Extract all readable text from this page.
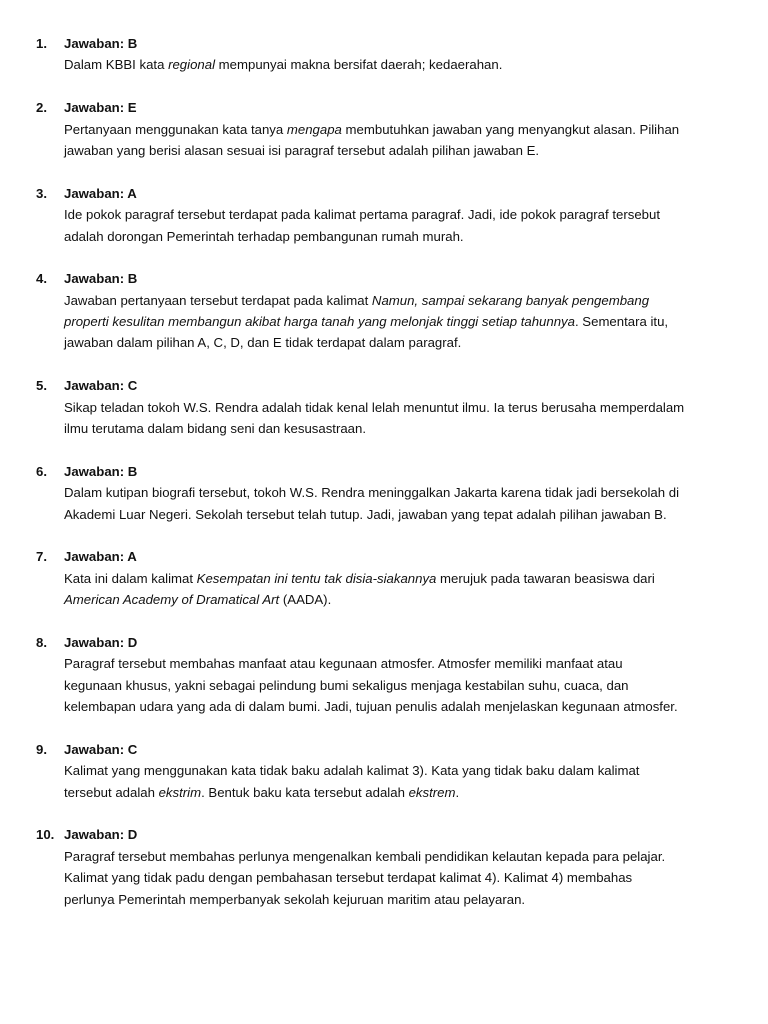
1.	Jawaban: B
Dalam KBBI kata regional mempunyai makna bersifat daerah; kedaerahan.
2.	Jawaban: E
Pertanyaan menggunakan kata tanya mengapa membutuhkan jawaban yang menyangkut alasan. Pilihan
jawaban yang berisi alasan sesuai isi paragraf tersebut adalah pilihan jawaban E.
3.	Jawaban: A
Ide pokok paragraf tersebut terdapat pada kalimat pertama paragraf. Jadi, ide pokok paragraf tersebut
adalah dorongan Pemerintah terhadap pembangunan rumah murah.
4.	Jawaban: B
Jawaban pertanyaan tersebut terdapat pada kalimat Namun, sampai sekarang banyak pengembang
properti kesulitan membangun akibat harga tanah yang melonjak tinggi setiap tahunnya. Sementara itu,
jawaban dalam pilihan A, C, D, dan E tidak terdapat dalam paragraf.
5.	Jawaban: C
Sikap teladan tokoh W.S. Rendra adalah tidak kenal lelah menuntut ilmu. Ia terus berusaha memperdalam
ilmu terutama dalam bidang seni dan kesusastraan.
6.	Jawaban: B
Dalam kutipan biografi tersebut, tokoh W.S. Rendra meninggalkan Jakarta karena tidak jadi bersekolah di
Akademi Luar Negeri. Sekolah tersebut telah tutup. Jadi, jawaban yang tepat adalah pilihan jawaban B.
7.	Jawaban: A
Kata ini dalam kalimat Kesempatan ini tentu tak disia-siakannya merujuk pada tawaran beasiswa dari
American Academy of Dramatical Art (AADA).
8.	Jawaban: D
Paragraf tersebut membahas manfaat atau kegunaan atmosfer. Atmosfer memiliki manfaat atau
kegunaan khusus, yakni sebagai pelindung bumi sekaligus menjaga kestabilan suhu, cuaca, dan
kelembapan udara yang ada di dalam bumi. Jadi, tujuan penulis adalah menjelaskan kegunaan atmosfer.
9.	Jawaban: C
Kalimat yang menggunakan kata tidak baku adalah kalimat 3). Kata yang tidak baku dalam kalimat
tersebut adalah ekstrim. Bentuk baku kata tersebut adalah ekstrem.
10. Jawaban: D
Paragraf tersebut membahas perlunya mengenalkan kembali pendidikan kelautan kepada para pelajar.
Kalimat yang tidak padu dengan pembahasan tersebut terdapat kalimat 4). Kalimat 4) membahas
perlunya Pemerintah memperbanyak sekolah kejuruan maritim atau pelayaran.
